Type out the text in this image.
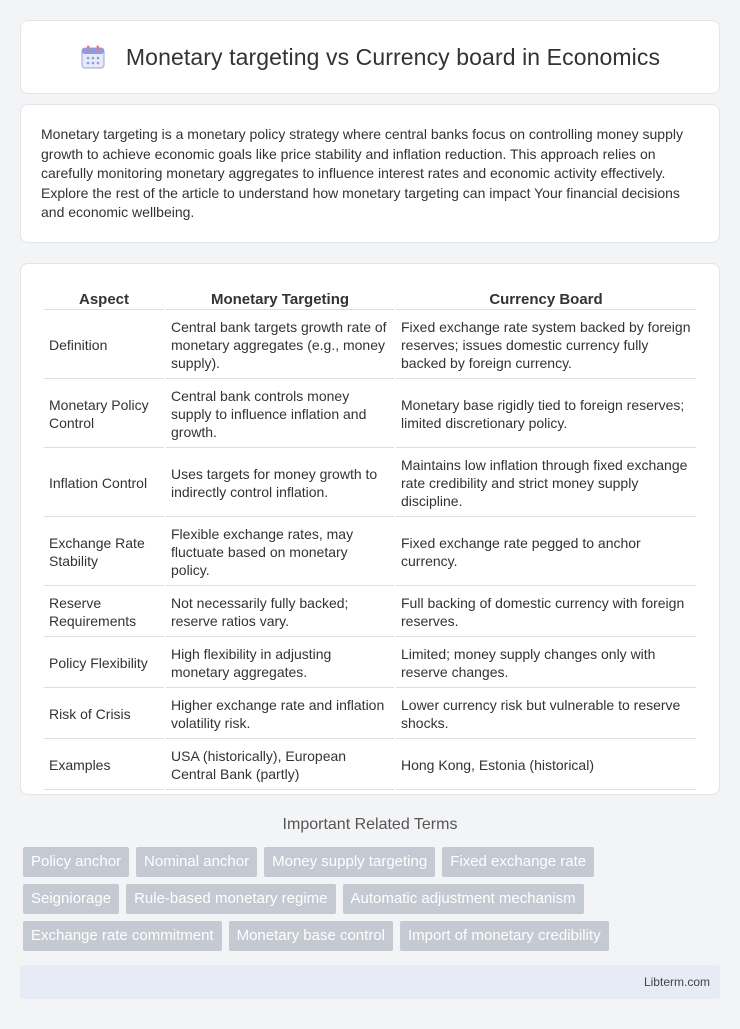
Monetary targeting vs Currency board in Economics

Monetary targeting is a monetary policy strategy where central banks focus on controlling money supply growth to achieve economic goals like price stability and inflation reduction. This approach relies on carefully monitoring monetary aggregates to influence interest rates and economic activity effectively. Explore the rest of the article to understand how monetary targeting can impact Your financial decisions and economic wellbeing.

Aspect	Monetary Targeting	Currency Board
Definition	Central bank targets growth rate of monetary aggregates (e.g., money supply).	Fixed exchange rate system backed by foreign reserves; issues domestic currency fully backed by foreign currency.
Monetary Policy Control	Central bank controls money supply to influence inflation and growth.	Monetary base rigidly tied to foreign reserves; limited discretionary policy.
Inflation Control	Uses targets for money growth to indirectly control inflation.	Maintains low inflation through fixed exchange rate credibility and strict money supply discipline.
Exchange Rate Stability	Flexible exchange rates, may fluctuate based on monetary policy.	Fixed exchange rate pegged to anchor currency.
Reserve Requirements	Not necessarily fully backed; reserve ratios vary.	Full backing of domestic currency with foreign reserves.
Policy Flexibility	High flexibility in adjusting monetary aggregates.	Limited; money supply changes only with reserve changes.
Risk of Crisis	Higher exchange rate and inflation volatility risk.	Lower currency risk but vulnerable to reserve shocks.
Examples	USA (historically), European Central Bank (partly)	Hong Kong, Estonia (historical)
Important Related Terms
Policy anchor	Nominal anchor	Money supply targeting	Fixed exchange rate
Seigniorage	Rule-based monetary regime	Automatic adjustment mechanism
Exchange rate commitment	Monetary base control	Import of monetary credibility
Libterm.com
